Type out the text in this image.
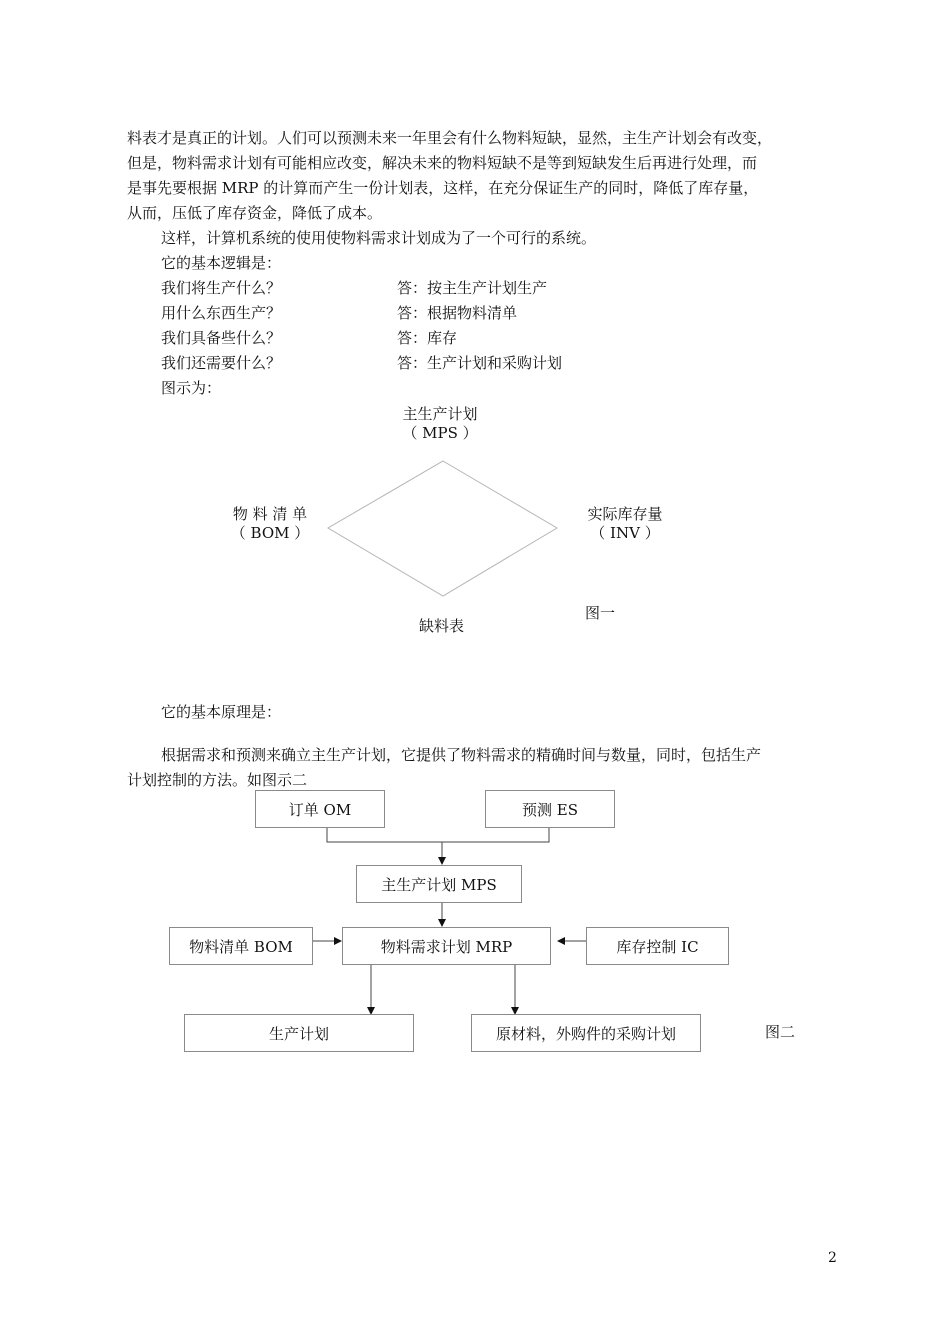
料表才是真正的计划。人们可以预测未来一年里会有什么物料短缺，显然，主生产计划会有改变，
但是，物料需求计划有可能相应改变，解决未来的物料短缺不是等到短缺发生后再进行处理，而
是事先要根据 MRP 的计算而产生一份计划表，这样，在充分保证生产的同时，降低了库存量，
从而，压低了库存资金，降低了成本。
这样，计算机系统的使用使物料需求计划成为了一个可行的系统。
它的基本逻辑是：
我们将生产什么？	答：按主生产计划生产
用什么东西生产？	答：根据物料清单
我们具备些什么？	答：库存
我们还需要什么？	答：生产计划和采购计划
图示为：
主生产计划
（ MPS ）
物 料 清 单
（ BOM ）
实际库存量
（ INV ）
缺料表
图一
它的基本原理是：
根据需求和预测来确立主生产计划，它提供了物料需求的精确时间与数量，同时，包括生产
计划控制的方法。如图示二
订单 OM	预测 ES
主生产计划 MPS
物料清单 BOM	物料需求计划 MRP	库存控制 IC
生产计划	原材料，外购件的采购计划	图二
2
